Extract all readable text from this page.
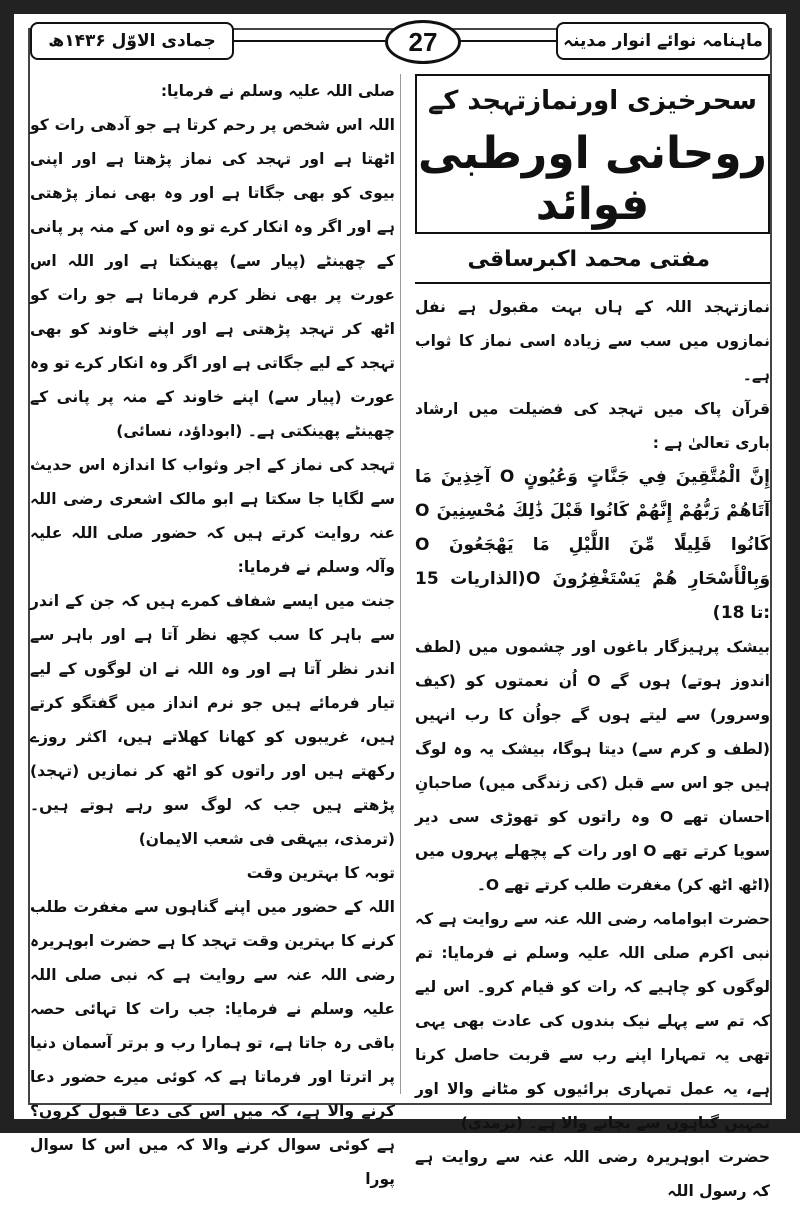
ماہنامہ نوائے انوار مدینہ
27
جمادی الاوّل ۱۴۳۶ھ
سحرخیزی اورنمازتہجد کے
روحانی اورطبی فوائد
مفتی محمد اکبرساقی

نمازتہجد اللہ کے ہاں بہت مقبول ہے نفل نمازوں میں سب سے زیادہ اسی نماز کا ثواب ہے۔

قرآن پاک میں تہجد کی فضیلت میں ارشاد باری تعالیٰ ہے :

إِنَّ الْمُتَّقِينَ فِي جَنَّاتٍ وَعُيُونٍ O آخِذِينَ مَا آتَاهُمْ رَبُّهُمْ إِنَّهُمْ كَانُوا قَبْلَ ذَٰلِكَ مُحْسِنِينَ O كَانُوا قَلِيلًا مِّنَ اللَّيْلِ مَا يَهْجَعُونَ O وَبِالْأَسْحَارِ هُمْ يَسْتَغْفِرُونَ O(الذاریات 15 :تا 18)

بیشک پرہیزگار باغوں اور چشموں میں (لطف اندوز ہوتے) ہوں گے O اُن نعمتوں کو (کیف وسرور) سے لیتے ہوں گے جواُن کا رب انہیں (لطف و کرم سے) دیتا ہوگا، بیشک یہ وہ لوگ ہیں جو اس سے قبل (کی زندگی میں) صاحبانِ احسان تھے O وہ راتوں کو تھوڑی سی دیر سویا کرتے تھے O اور رات کے پچھلے پہروں میں (اٹھ اٹھ کر) مغفرت طلب کرتے تھے O۔

حضرت ابوامامہ رضی اللہ عنہ سے روایت ہے کہ نبی اکرم صلی اللہ علیہ وسلم نے فرمایا: تم لوگوں کو چاہیے کہ رات کو قیام کرو۔ اس لیے کہ تم سے پہلے نیک بندوں کی عادت بھی یہی تھی یہ تمہارا اپنے رب سے قربت حاصل کرنا ہے، یہ عمل تمہاری برائیوں کو مٹانے والا اور تمہیں گناہوں سے بچانے والا ہے۔ (ترمذی)

حضرت ابوہریرہ رضی اللہ عنہ سے روایت ہے کہ رسول اللہ

صلی اللہ علیہ وسلم نے فرمایا:

اللہ اس شخص پر رحم کرتا ہے جو آدھی رات کو اٹھتا ہے اور تہجد کی نماز پڑھتا ہے اور اپنی بیوی کو بھی جگاتا ہے اور وہ بھی نماز پڑھتی ہے اور اگر وہ انکار کرے تو وہ اس کے منہ پر پانی کے چھینٹے (پیار سے) پھینکتا ہے اور اللہ اس عورت پر بھی نظر کرم فرماتا ہے جو رات کو اٹھ کر تہجد پڑھتی ہے اور اپنے خاوند کو بھی تہجد کے لیے جگاتی ہے اور اگر وہ انکار کرے تو وہ عورت (پیار سے) اپنے خاوند کے منہ پر پانی کے چھینٹے پھینکتی ہے۔ (ابوداؤد، نسائی)

تہجد کی نماز کے اجر وثواب کا اندازہ اس حدیث سے لگایا جا سکتا ہے ابو مالک اشعری رضی اللہ عنہ روایت کرتے ہیں کہ حضور صلی اللہ علیہ وآلہ وسلم نے فرمایا:

جنت میں ایسے شفاف کمرے ہیں کہ جن کے اندر سے باہر کا سب کچھ نظر آتا ہے اور باہر سے اندر نظر آتا ہے اور وہ اللہ نے ان لوگوں کے لیے تیار فرمائے ہیں جو نرم انداز میں گفتگو کرتے ہیں، غریبوں کو کھانا کھلاتے ہیں، اکثر روزے رکھتے ہیں اور راتوں کو اٹھ کر نمازیں (تہجد) پڑھتے ہیں جب کہ لوگ سو رہے ہوتے ہیں۔ (ترمذی، بیہقی فی شعب الایمان)

توبہ کا بہترین وقت

اللہ کے حضور میں اپنے گناہوں سے مغفرت طلب کرنے کا بہترین وقت تہجد کا ہے حضرت ابوہریرہ رضی اللہ عنہ سے روایت ہے کہ نبی صلی اللہ علیہ وسلم نے فرمایا: جب رات کا تہائی حصہ باقی رہ جاتا ہے، تو ہمارا رب و برتر آسمان دنیا پر اترتا اور فرماتا ہے کہ کوئی میرے حضور دعا کرنے والا ہے، کہ میں اس کی دعا قبول کروں؟ ہے کوئی سوال کرنے والا کہ میں اس کا سوال پورا
